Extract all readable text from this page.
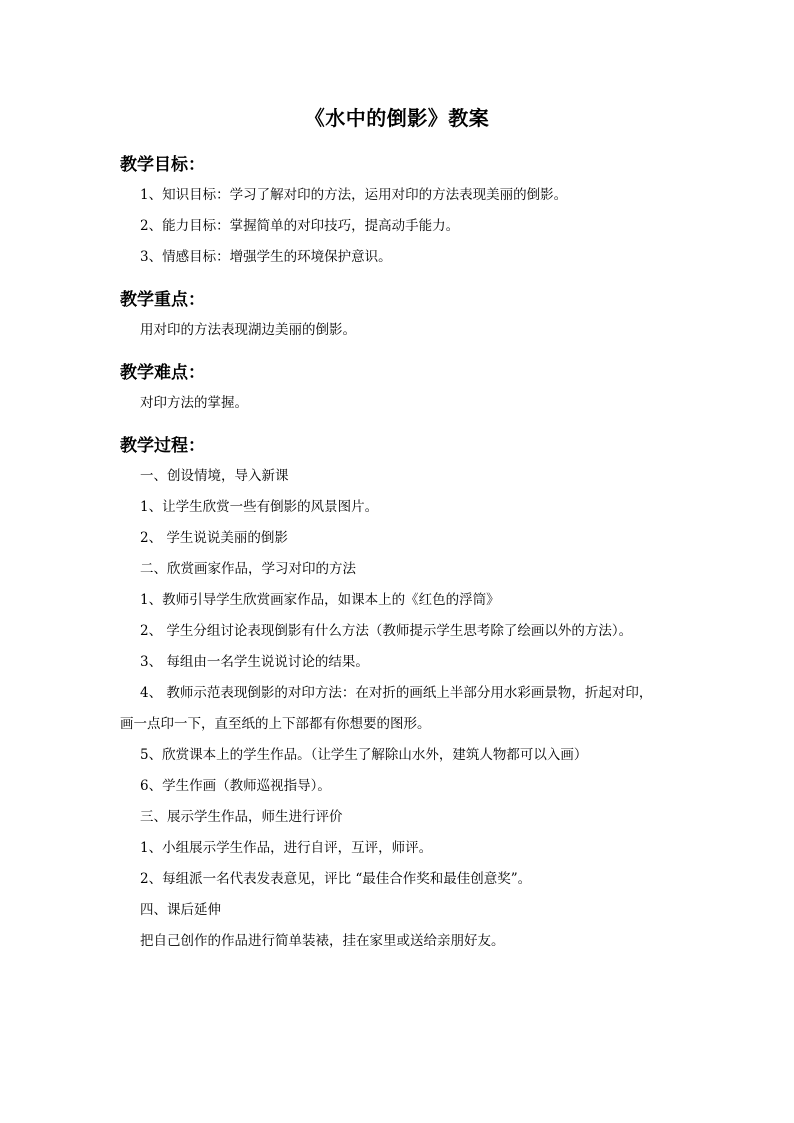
《水中的倒影》教案
教学目标：
1、知识目标：学习了解对印的方法，运用对印的方法表现美丽的倒影。
2、能力目标：掌握简单的对印技巧，提高动手能力。
3、情感目标：增强学生的环境保护意识。
教学重点：
用对印的方法表现湖边美丽的倒影。
教学难点：
对印方法的掌握。
教学过程：
一、创设情境，导入新课
1、让学生欣赏一些有倒影的风景图片。
2、 学生说说美丽的倒影
二、欣赏画家作品，学习对印的方法
1、教师引导学生欣赏画家作品，如课本上的《红色的浮筒》
2、 学生分组讨论表现倒影有什么方法（教师提示学生思考除了绘画以外的方法）。
3、 每组由一名学生说说讨论的结果。
4、 教师示范表现倒影的对印方法：在对折的画纸上半部分用水彩画景物，折起对印，
画一点印一下，直至纸的上下部都有你想要的图形。
5、欣赏课本上的学生作品。（让学生了解除山水外，建筑人物都可以入画）
6、学生作画（教师巡视指导）。
三、展示学生作品，师生进行评价
1、小组展示学生作品，进行自评，互评，师评。
2、每组派一名代表发表意见，评比 “最佳合作奖和最佳创意奖”。
四、课后延伸
把自己创作的作品进行简单装裱，挂在家里或送给亲朋好友。
